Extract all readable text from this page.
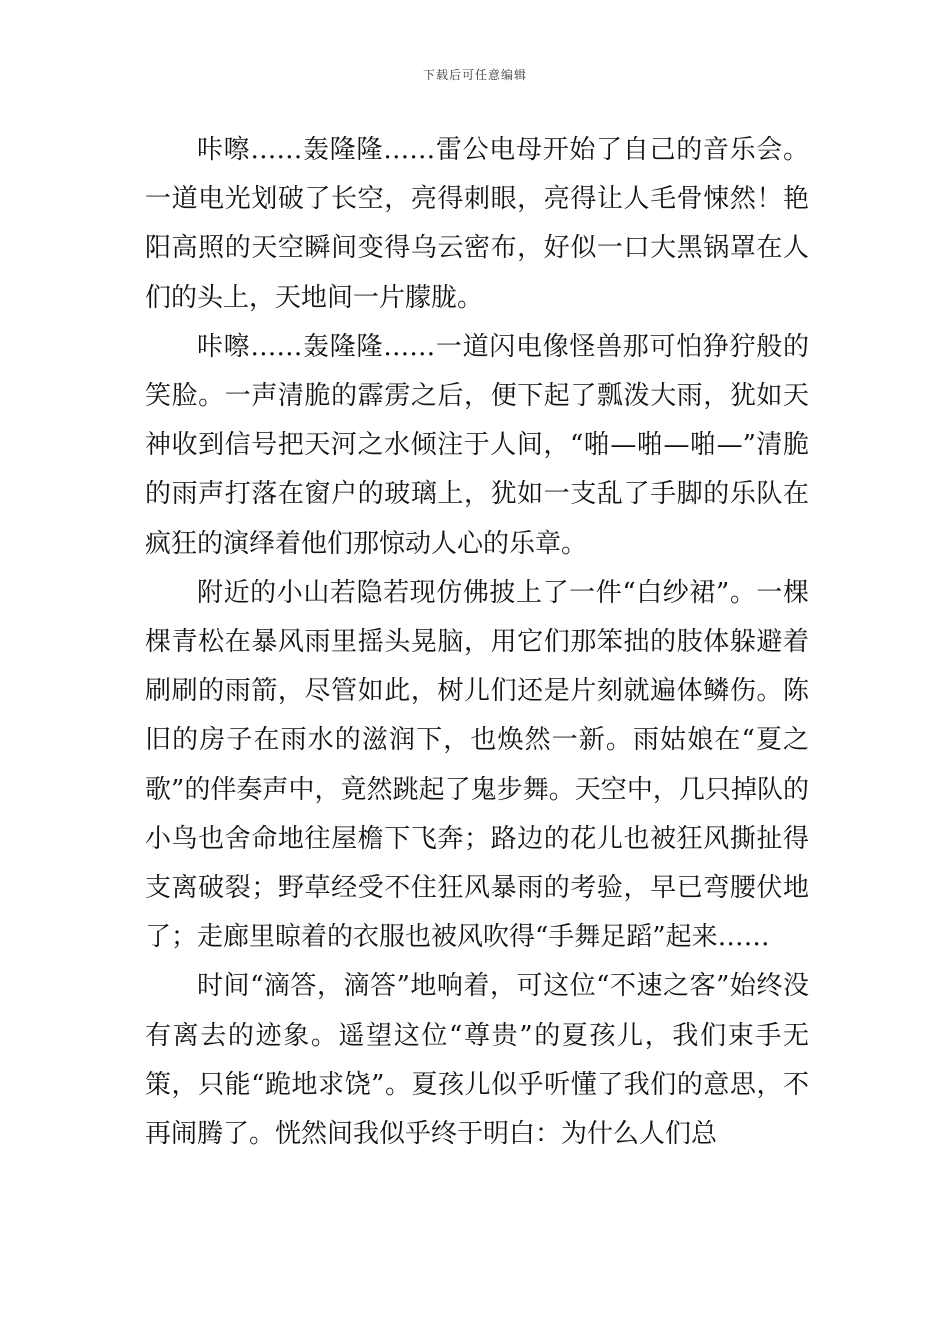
下载后可任意编辑

咔嚓……轰隆隆……雷公电母开始了自己的音乐会。一道电光划破了长空，亮得刺眼，亮得让人毛骨悚然！艳阳高照的天空瞬间变得乌云密布，好似一口大黑锅罩在人们的头上，天地间一片朦胧。

咔嚓……轰隆隆……一道闪电像怪兽那可怕狰狞般的笑脸。一声清脆的霹雳之后，便下起了瓢泼大雨，犹如天神收到信号把天河之水倾注于人间，“啪—啪—啪—”清脆的雨声打落在窗户的玻璃上，犹如一支乱了手脚的乐队在疯狂的演绎着他们那惊动人心的乐章。

附近的小山若隐若现仿佛披上了一件“白纱裙”。一棵棵青松在暴风雨里摇头晃脑，用它们那笨拙的肢体躲避着刷刷的雨箭，尽管如此，树儿们还是片刻就遍体鳞伤。陈旧的房子在雨水的滋润下，也焕然一新。雨姑娘在“夏之歌”的伴奏声中，竟然跳起了鬼步舞。天空中，几只掉队的小鸟也舍命地往屋檐下飞奔；路边的花儿也被狂风撕扯得支离破裂；野草经受不住狂风暴雨的考验，早已弯腰伏地了；走廊里晾着的衣服也被风吹得“手舞足蹈”起来……

时间“滴答，滴答”地响着，可这位“不速之客”始终没有离去的迹象。遥望这位“尊贵”的夏孩儿，我们束手无策，只能“跪地求饶”。夏孩儿似乎听懂了我们的意思，不再闹腾了。恍然间我似乎终于明白：为什么人们总
